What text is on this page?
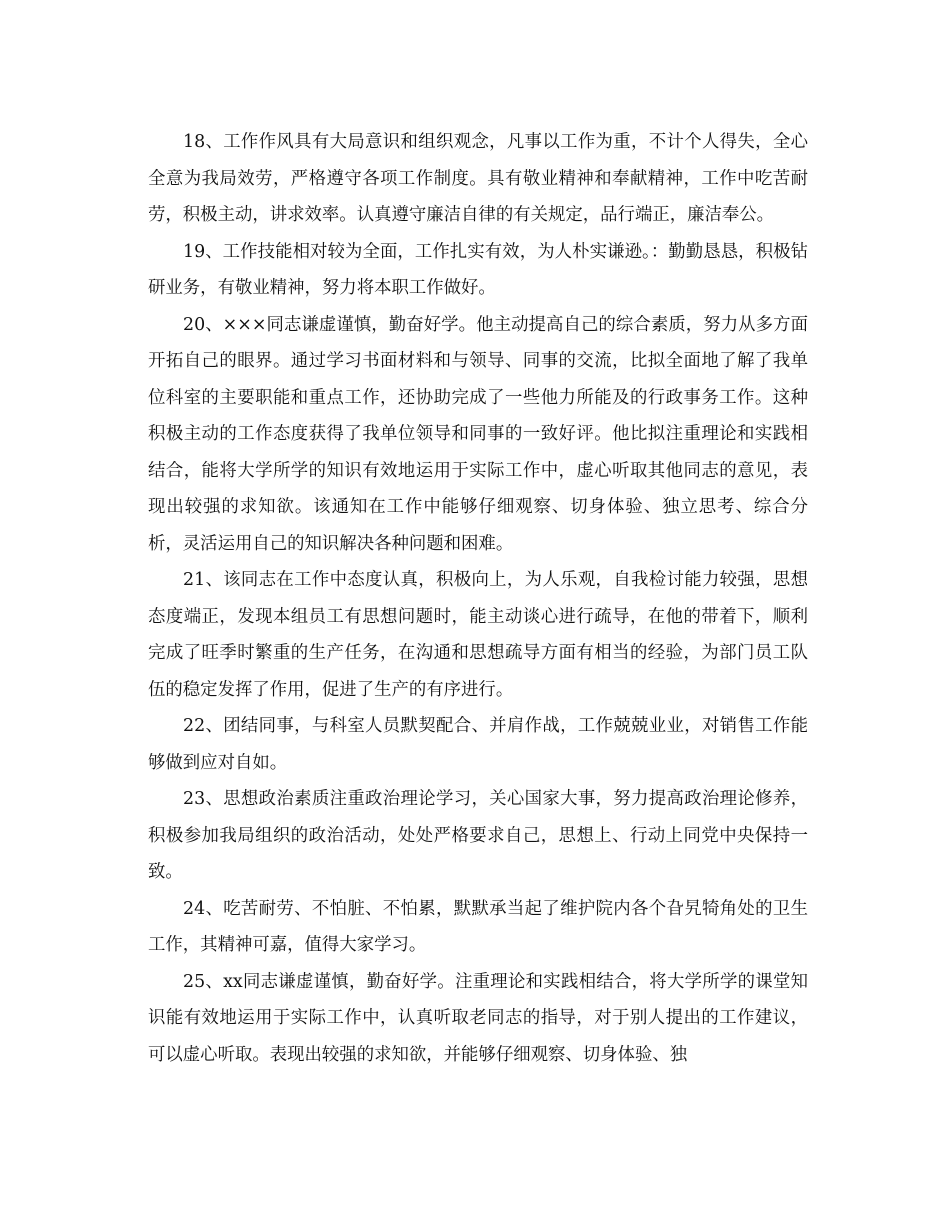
18、工作作风具有大局意识和组织观念，凡事以工作为重，不计个人得失，全心全意为我局效劳，严格遵守各项工作制度。具有敬业精神和奉献精神，工作中吃苦耐劳，积极主动，讲求效率。认真遵守廉洁自律的有关规定，品行端正，廉洁奉公。

19、工作技能相对较为全面，工作扎实有效，为人朴实谦逊。：勤勤恳恳，积极钻研业务，有敬业精神，努力将本职工作做好。

20、×××同志谦虚谨慎，勤奋好学。他主动提高自己的综合素质，努力从多方面开拓自己的眼界。通过学习书面材料和与领导、同事的交流，比拟全面地了解了我单位科室的主要职能和重点工作，还协助完成了一些他力所能及的行政事务工作。这种积极主动的工作态度获得了我单位领导和同事的一致好评。他比拟注重理论和实践相结合，能将大学所学的知识有效地运用于实际工作中，虚心听取其他同志的意见，表现出较强的求知欲。该通知在工作中能够仔细观察、切身体验、独立思考、综合分析，灵活运用自己的知识解决各种问题和困难。

21、该同志在工作中态度认真，积极向上，为人乐观，自我检讨能力较强，思想态度端正，发现本组员工有思想问题时，能主动谈心进行疏导，在他的带着下，顺利完成了旺季时繁重的生产任务，在沟通和思想疏导方面有相当的经验，为部门员工队伍的稳定发挥了作用，促进了生产的有序进行。

22、团结同事，与科室人员默契配合、并肩作战，工作兢兢业业，对销售工作能够做到应对自如。

23、思想政治素质注重政治理论学习，关心国家大事，努力提高政治理论修养，积极参加我局组织的政治活动，处处严格要求自己，思想上、行动上同党中央保持一致。

24、吃苦耐劳、不怕脏、不怕累，默默承当起了维护院内各个旮旯犄角处的卫生工作，其精神可嘉，值得大家学习。

25、xx同志谦虚谨慎，勤奋好学。注重理论和实践相结合，将大学所学的课堂知识能有效地运用于实际工作中，认真听取老同志的指导，对于别人提出的工作建议，可以虚心听取。表现出较强的求知欲，并能够仔细观察、切身体验、独
